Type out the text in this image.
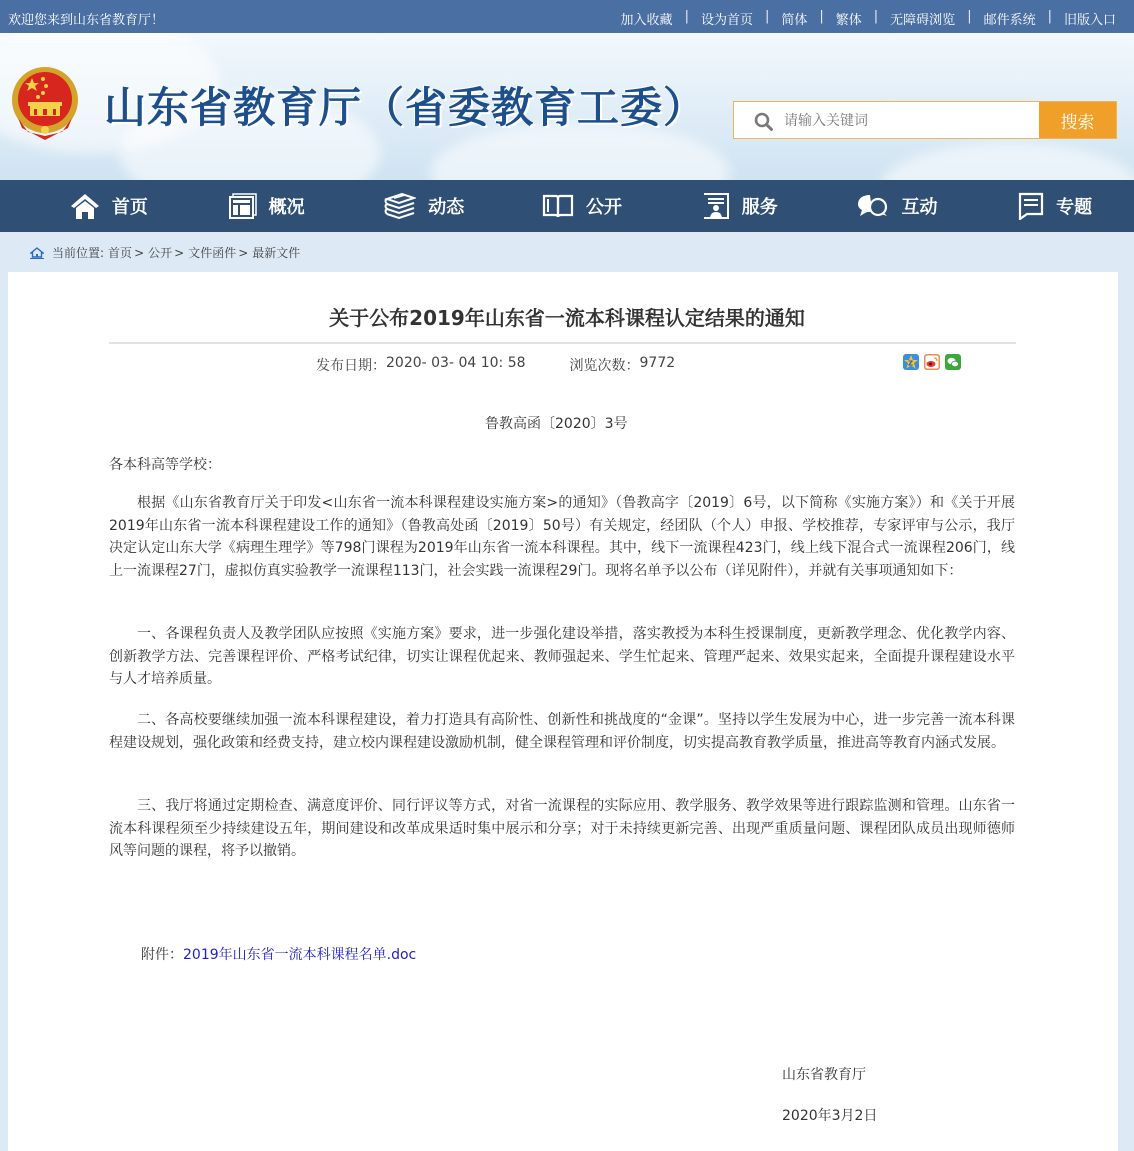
欢迎您来到山东省教育厅！	加入收藏 | 设为首页 | 简体 | 繁体 | 无障碍浏览 | 邮件系统 | 旧版入口
山东省教育厅（省委教育工委）
请输入关键词	搜索
首页	概况	动态	公开	服务	互动	专题
当前位置: 首页 > 公开 > 文件函件 > 最新文件
关于公布2019年山东省一流本科课程认定结果的通知
发布日期： 2020- 03- 04 10: 58	浏览次数： 9772	Z
鲁教高函〔2020〕3号
各本科高等学校：

根据《山东省教育厅关于印发<山东省一流本科课程建设实施方案>的通知》（鲁教高字〔2019〕6号，以下简称《实施方案》）和《关于开展2019年山东省一流本科课程建设工作的通知》（鲁教高处函〔2019〕50号）有关规定，经团队（个人）申报、学校推荐，专家评审与公示，我厅决定认定山东大学《病理生理学》等798门课程为2019年山东省一流本科课程。其中，线下一流课程423门，线上线下混合式一流课程206门，线上一流课程27门，虚拟仿真实验教学一流课程113门，社会实践一流课程29门。现将名单予以公布（详见附件），并就有关事项通知如下：

一、各课程负责人及教学团队应按照《实施方案》要求，进一步强化建设举措，落实教授为本科生授课制度，更新教学理念、优化教学内容、创新教学方法、完善课程评价、严格考试纪律，切实让课程优起来、教师强起来、学生忙起来、管理严起来、效果实起来，全面提升课程建设水平与人才培养质量。

二、各高校要继续加强一流本科课程建设，着力打造具有高阶性、创新性和挑战度的“金课”。坚持以学生发展为中心，进一步完善一流本科课程建设规划，强化政策和经费支持，建立校内课程建设激励机制，健全课程管理和评价制度，切实提高教育教学质量，推进高等教育内涵式发展。

三、我厅将通过定期检查、满意度评价、同行评议等方式，对省一流课程的实际应用、教学服务、教学效果等进行跟踪监测和管理。山东省一流本科课程须至少持续建设五年，期间建设和改革成果适时集中展示和分享；对于未持续更新完善、出现严重质量问题、课程团队成员出现师德师风等问题的课程，将予以撤销。

附件：2019年山东省一流本科课程名单.doc
山东省教育厅
2020年3月2日
